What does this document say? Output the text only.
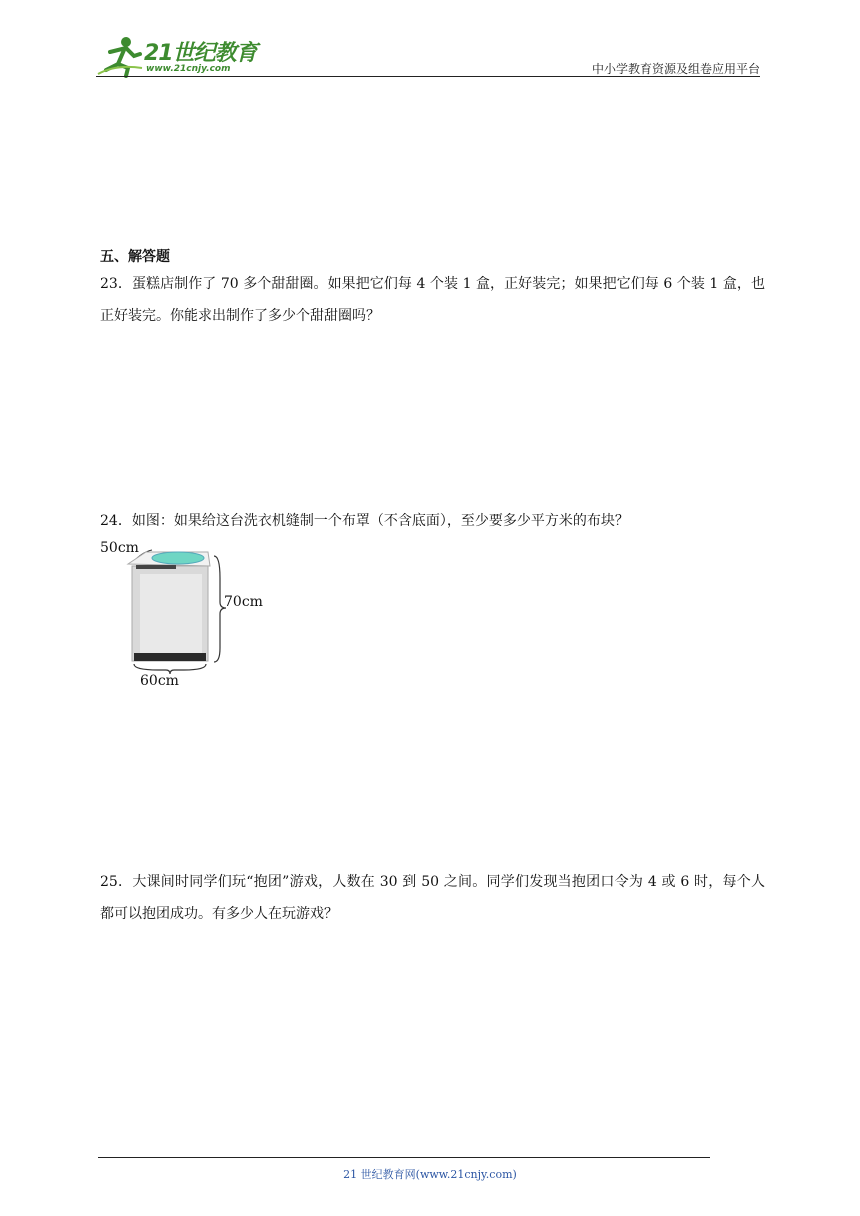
21世纪教育
www.21cnjy.com	中小学教育资源及组卷应用平台
五、解答题
23．蛋糕店制作了 70 多个甜甜圈。如果把它们每 4 个装 1 盒，正好装完；如果把它们每 6 个装 1 盒，也正好装完。你能求出制作了多少个甜甜圈吗？
24．如图：如果给这台洗衣机缝制一个布罩（不含底面），至少要多少平方米的布块？
50cm
70cm
60cm
25．大课间时同学们玩“抱团”游戏，人数在 30 到 50 之间。同学们发现当抱团口令为 4 或 6 时，每个人都可以抱团成功。有多少人在玩游戏？
21 世纪教育网(www.21cnjy.com)
